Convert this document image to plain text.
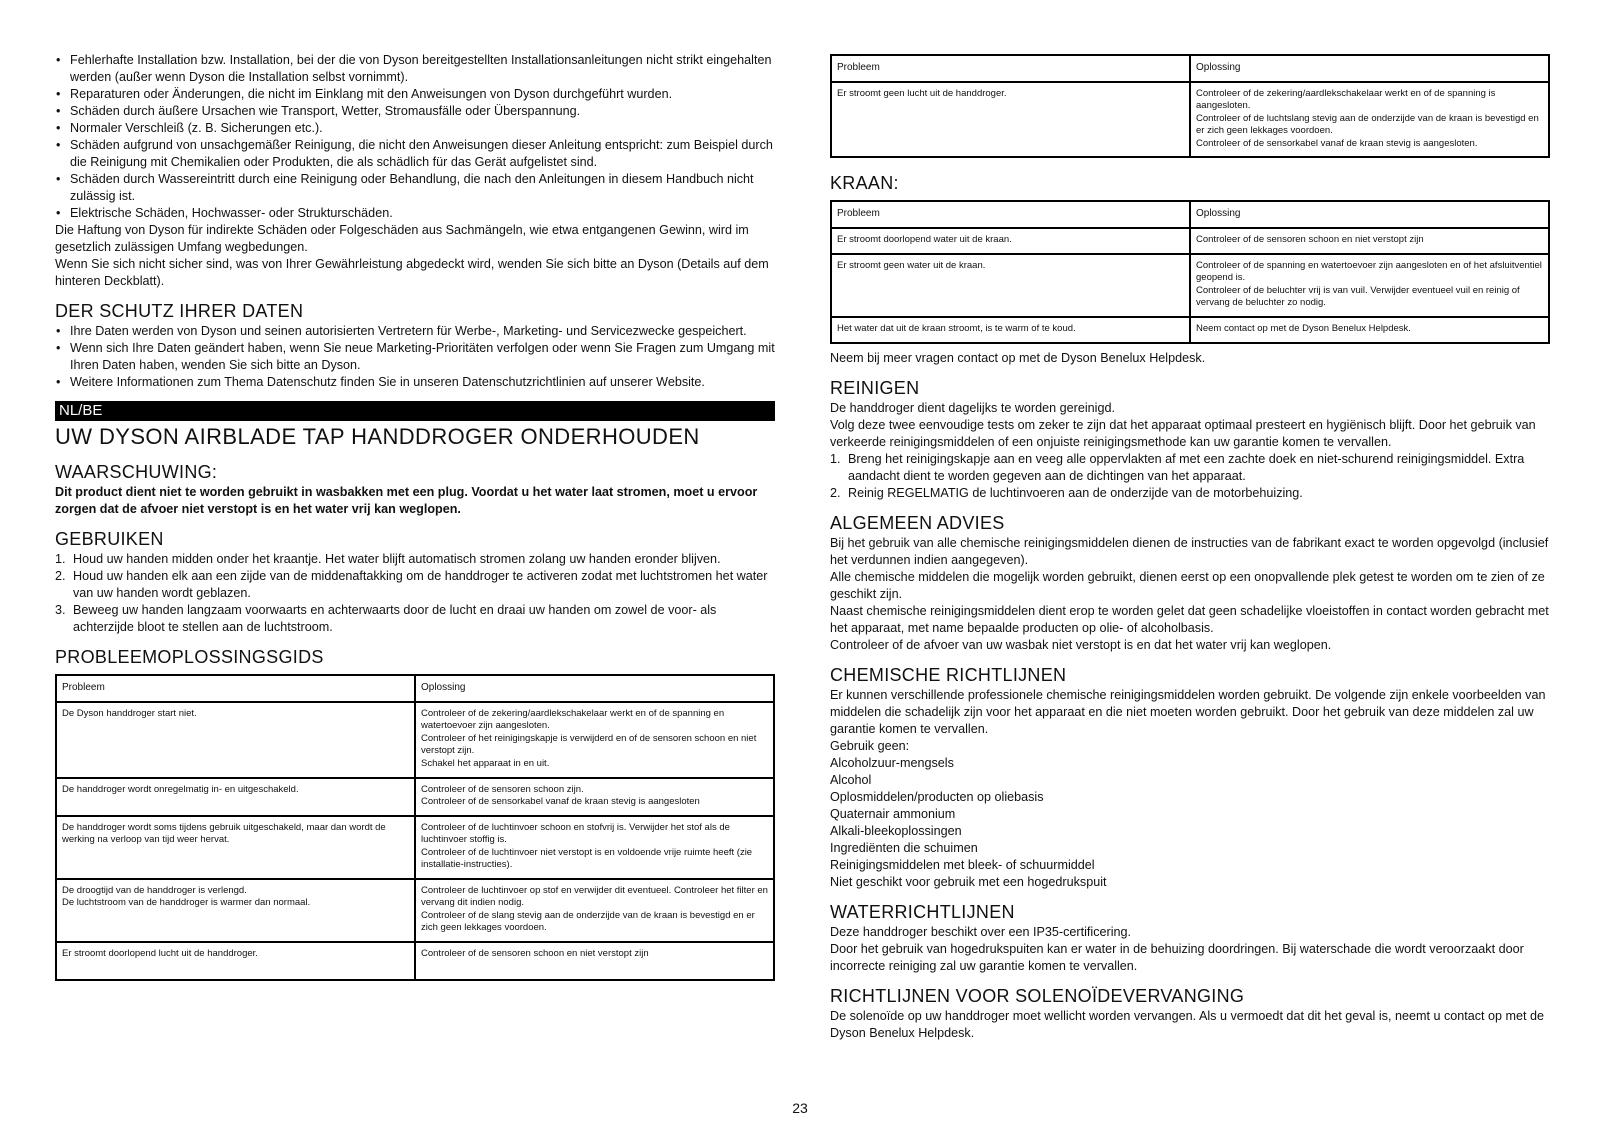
• Fehlerhafte Installation bzw. Installation, bei der die von Dyson bereitgestellten Installationsanleitungen nicht strikt eingehalten werden (außer wenn Dyson die Installation selbst vornimmt).
• Reparaturen oder Änderungen, die nicht im Einklang mit den Anweisungen von Dyson durchgeführt wurden.
• Schäden durch äußere Ursachen wie Transport, Wetter, Stromausfälle oder Überspannung.
• Normaler Verschleiß (z. B. Sicherungen etc.).
• Schäden aufgrund von unsachgemäßer Reinigung, die nicht den Anweisungen dieser Anleitung entspricht: zum Beispiel durch die Reinigung mit Chemikalien oder Produkten, die als schädlich für das Gerät aufgelistet sind.
• Schäden durch Wassereintritt durch eine Reinigung oder Behandlung, die nach den Anleitungen in diesem Handbuch nicht zulässig ist.
• Elektrische Schäden, Hochwasser- oder Strukturschäden.

Die Haftung von Dyson für indirekte Schäden oder Folgeschäden aus Sachmängeln, wie etwa entgangenen Gewinn, wird im gesetzlich zulässigen Umfang wegbedungen.

Wenn Sie sich nicht sicher sind, was von Ihrer Gewährleistung abgedeckt wird, wenden Sie sich bitte an Dyson (Details auf dem hinteren Deckblatt).

DER SCHUTZ IHRER DATEN
• Ihre Daten werden von Dyson und seinen autorisierten Vertretern für Werbe-, Marketing- und Servicezwecke gespeichert.
• Wenn sich Ihre Daten geändert haben, wenn Sie neue Marketing-Prioritäten verfolgen oder wenn Sie Fragen zum Umgang mit Ihren Daten haben, wenden Sie sich bitte an Dyson.
• Weitere Informationen zum Thema Datenschutz finden Sie in unseren Datenschutzrichtlinien auf unserer Website.
NL/BE
UW DYSON AIRBLADE TAP HANDDROGER ONDERHOUDEN
WAARSCHUWING:

Dit product dient niet te worden gebruikt in wasbakken met een plug. Voordat u het water laat stromen, moet u ervoor zorgen dat de afvoer niet verstopt is en het water vrij kan weglopen.

GEBRUIKEN
1. Houd uw handen midden onder het kraantje. Het water blijft automatisch stromen zolang uw handen eronder blijven.
2. Houd uw handen elk aan een zijde van de middenaftakking om de handdroger te activeren zodat met luchtstromen het water van uw handen wordt geblazen.
3. Beweeg uw handen langzaam voorwaarts en achterwaarts door de lucht en draai uw handen om zowel de voor- als achterzijde bloot te stellen aan de luchtstroom.
PROBLEEMOPLOSSINGSGIDS
Probleem	Oplossing

De Dyson handdroger start niet.	Controleer of de zekering/aardlekschakelaar werkt en of de spanning en watertoevoer zijn aangesloten.
Controleer of het reinigingskapje is verwijderd en of de sensoren schoon en niet verstopt zijn.
Schakel het apparaat in en uit.

De handdroger wordt onregelmatig in- en uitgeschakeld.	Controleer of de sensoren schoon zijn.
Controleer of de sensorkabel vanaf de kraan stevig is aangesloten

De handdroger wordt soms tijdens gebruik uitgeschakeld, maar dan wordt de werking na verloop van tijd weer hervat.	Controleer of de luchtinvoer schoon en stofvrij is. Verwijder het stof als de luchtinvoer stoffig is.
Controleer of de luchtinvoer niet verstopt is en voldoende vrije ruimte heeft (zie installatie-instructies).

De droogtijd van de handdroger is verlengd.
De luchtstroom van de handdroger is warmer dan normaal.	Controleer de luchtinvoer op stof en verwijder dit eventueel. Controleer het filter en vervang dit indien nodig.
Controleer of de slang stevig aan de onderzijde van de kraan is bevestigd en er zich geen lekkages voordoen.

Er stroomt doorlopend lucht uit de handdroger.	Controleer of de sensoren schoon en niet verstopt zijn
Probleem	Oplossing

Er stroomt geen lucht uit de handdroger.	Controleer of de zekering/aardlekschakelaar werkt en of de spanning is aangesloten.
Controleer of de luchtslang stevig aan de onderzijde van de kraan is bevestigd en er zich geen lekkages voordoen.
Controleer of de sensorkabel vanaf de kraan stevig is aangesloten.
KRAAN:
Probleem	Oplossing

Er stroomt doorlopend water uit de kraan.	Controleer of de sensoren schoon en niet verstopt zijn

Er stroomt geen water uit de kraan.	Controleer of de spanning en watertoevoer zijn aangesloten en of het afsluitventiel geopend is.
Controleer of de beluchter vrij is van vuil. Verwijder eventueel vuil en reinig of vervang de beluchter zo nodig.

Het water dat uit de kraan stroomt, is te warm of te koud.	Neem contact op met de Dyson Benelux Helpdesk.

Neem bij meer vragen contact op met de Dyson Benelux Helpdesk.

REINIGEN

De handdroger dient dagelijks te worden gereinigd.

Volg deze twee eenvoudige tests om zeker te zijn dat het apparaat optimaal presteert en hygiënisch blijft. Door het gebruik van verkeerde reinigingsmiddelen of een onjuiste reinigingsmethode kan uw garantie komen te vervallen.

1. Breng het reinigingskapje aan en veeg alle oppervlakten af met een zachte doek en niet-schurend reinigingsmiddel. Extra aandacht dient te worden gegeven aan de dichtingen van het apparaat.
2. Reinig REGELMATIG de luchtinvoeren aan de onderzijde van de motorbehuizing.
ALGEMEEN ADVIES

Bij het gebruik van alle chemische reinigingsmiddelen dienen de instructies van de fabrikant exact te worden opgevolgd (inclusief het verdunnen indien aangegeven).

Alle chemische middelen die mogelijk worden gebruikt, dienen eerst op een onopvallende plek getest te worden om te zien of ze geschikt zijn.

Naast chemische reinigingsmiddelen dient erop te worden gelet dat geen schadelijke vloeistoffen in contact worden gebracht met het apparaat, met name bepaalde producten op olie- of alcoholbasis.

Controleer of de afvoer van uw wasbak niet verstopt is en dat het water vrij kan weglopen.

CHEMISCHE RICHTLIJNEN

Er kunnen verschillende professionele chemische reinigingsmiddelen worden gebruikt. De volgende zijn enkele voorbeelden van middelen die schadelijk zijn voor het apparaat en die niet moeten worden gebruikt. Door het gebruik van deze middelen zal uw garantie komen te vervallen.

Gebruik geen:

Alcoholzuur-mengsels
Alcohol
Oplosmiddelen/producten op oliebasis
Quaternair ammonium
Alkali-bleekoplossingen
Ingrediënten die schuimen
Reinigingsmiddelen met bleek- of schuurmiddel

Niet geschikt voor gebruik met een hogedrukspuit

WATERRICHTLIJNEN

Deze handdroger beschikt over een IP35-certificering.

Door het gebruik van hogedrukspuiten kan er water in de behuizing doordringen. Bij waterschade die wordt veroorzaakt door incorrecte reiniging zal uw garantie komen te vervallen.

RICHTLIJNEN VOOR SOLENOÏDEVERVANGING

De solenoïde op uw handdroger moet wellicht worden vervangen. Als u vermoedt dat dit het geval is, neemt u contact op met de Dyson Benelux Helpdesk.

23
